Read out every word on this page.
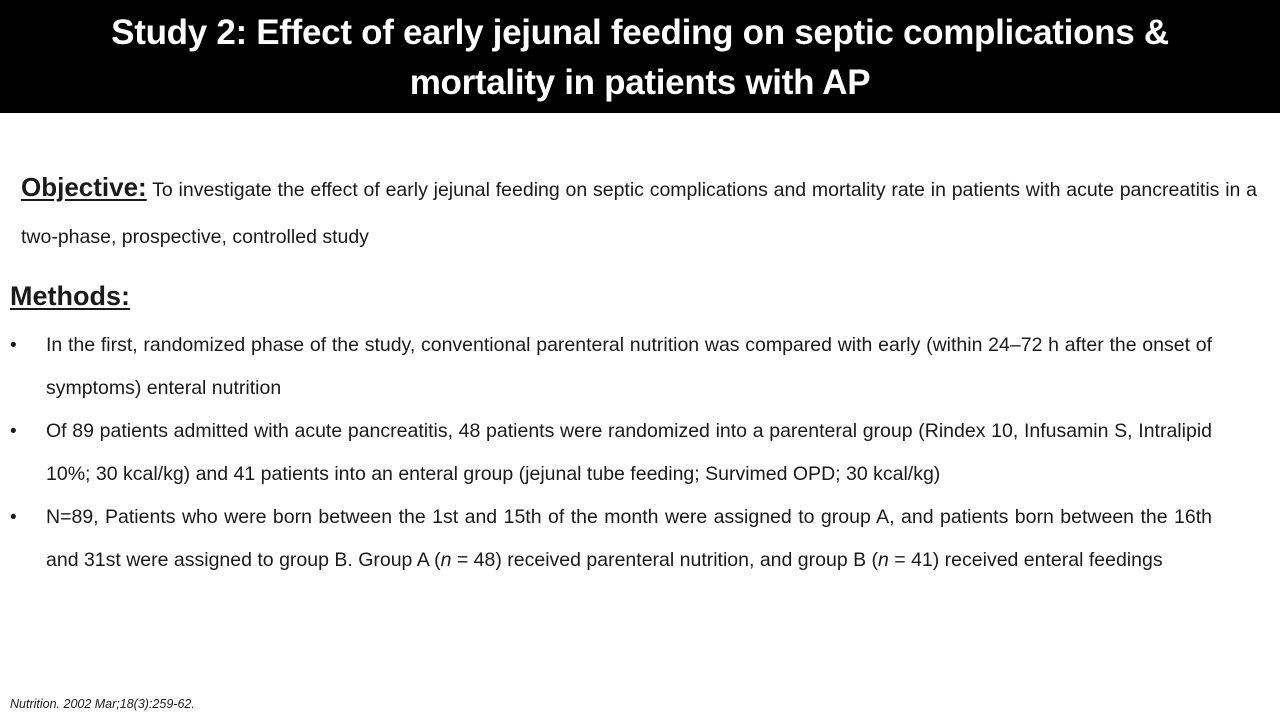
Study 2: Effect of early jejunal feeding on septic complications &
mortality in patients with AP
Objective: To investigate the effect of early jejunal feeding on septic complications and mortality rate in patients with acute pancreatitis in a two-phase, prospective, controlled study
Methods:
• In the first, randomized phase of the study, conventional parenteral nutrition was compared with early (within 24–72 h after the onset of symptoms) enteral nutrition
• Of 89 patients admitted with acute pancreatitis, 48 patients were randomized into a parenteral group (Rindex 10, Infusamin S, Intralipid 10%; 30 kcal/kg) and 41 patients into an enteral group (jejunal tube feeding; Survimed OPD; 30 kcal/kg)
• N=89, Patients who were born between the 1st and 15th of the month were assigned to group A, and patients born between the 16th and 31st were assigned to group B. Group A (n = 48) received parenteral nutrition, and group B (n = 41) received enteral feedings
Nutrition. 2002 Mar;18(3):259-62.
